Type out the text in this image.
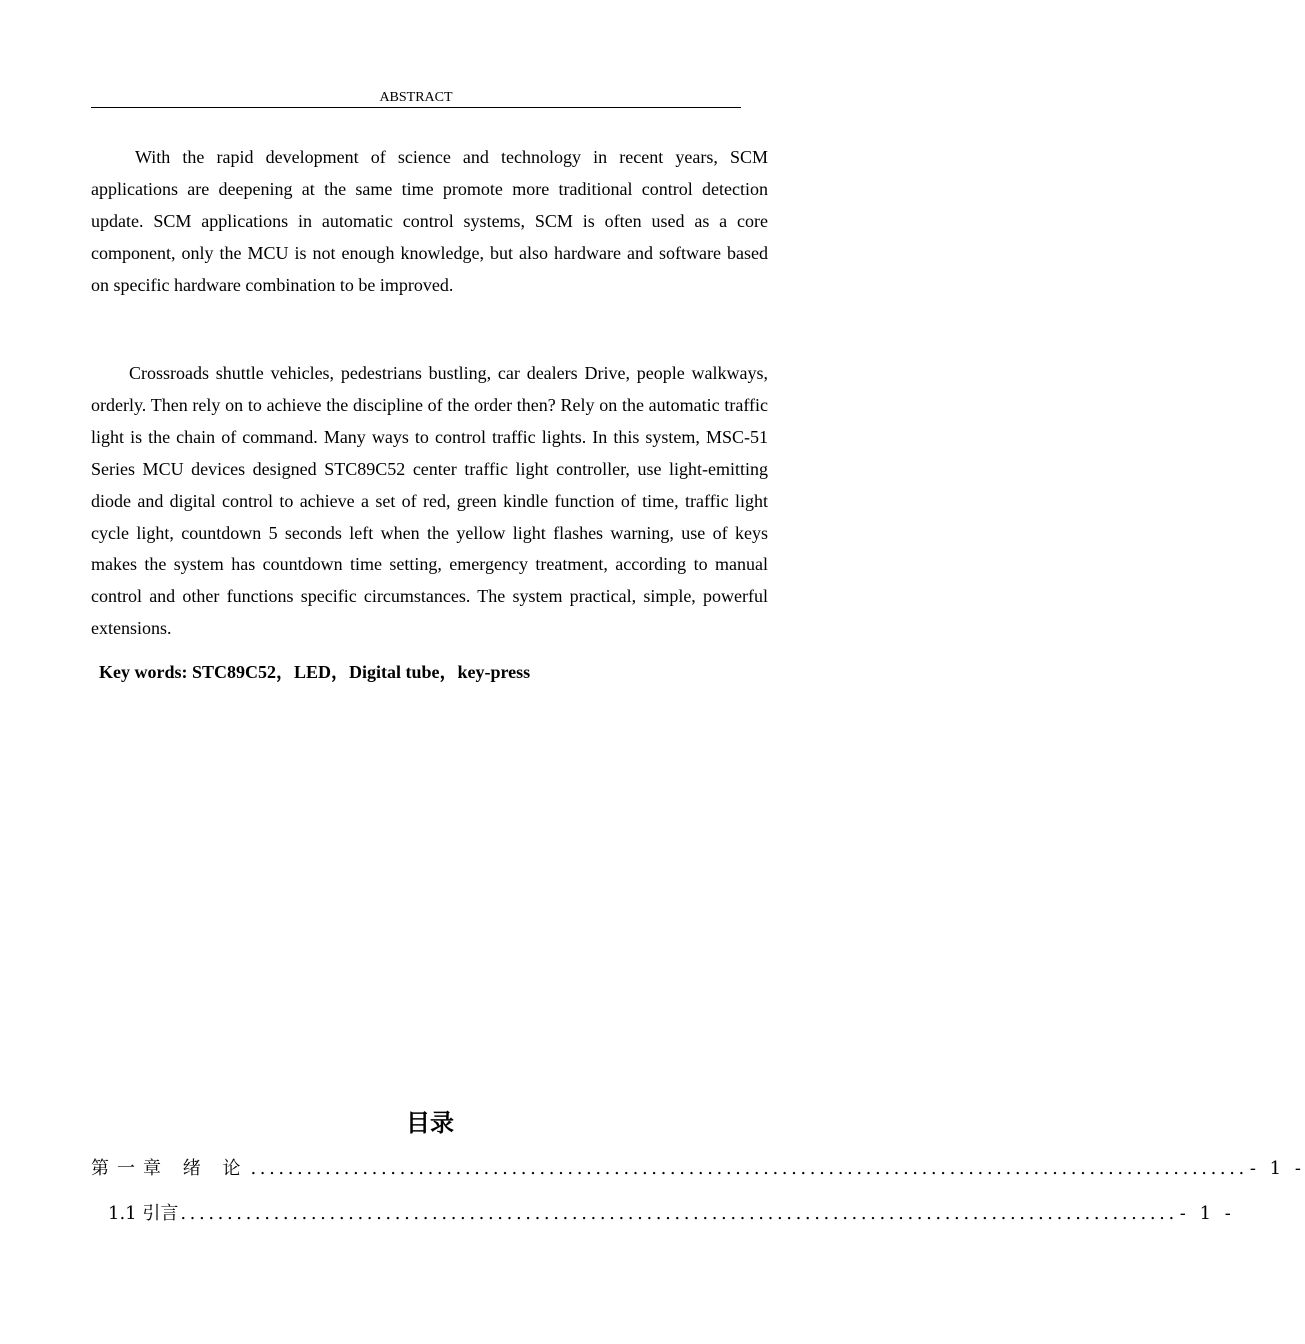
ABSTRACT

With the rapid development of science and technology in recent years, SCM applications are deepening at the same time promote more traditional control detection update. SCM applications in automatic control systems, SCM is often used as a core component, only the MCU is not enough knowledge, but also hardware and software based on specific hardware combination to be improved.

Crossroads shuttle vehicles, pedestrians bustling, car dealers Drive, people walkways, orderly. Then rely on to achieve the discipline of the order then? Rely on the automatic traffic light is the chain of command. Many ways to control traffic lights. In this system, MSC-51 Series MCU devices designed STC89C52 center traffic light controller, use light-emitting diode and digital control to achieve a set of red, green kindle function of time, traffic light cycle light, countdown 5 seconds left when the yellow light flashes warning, use of keys makes the system has countdown time setting, emergency treatment, according to manual control and other functions specific circumstances. The system practical, simple, powerful extensions.

Key words: STC89C52，LED，Digital tube，key-press
目录
第一章 绪 论 ........................................................................................................... - 1 -
1.1 引言 ........................................................................................................... - 1 -
